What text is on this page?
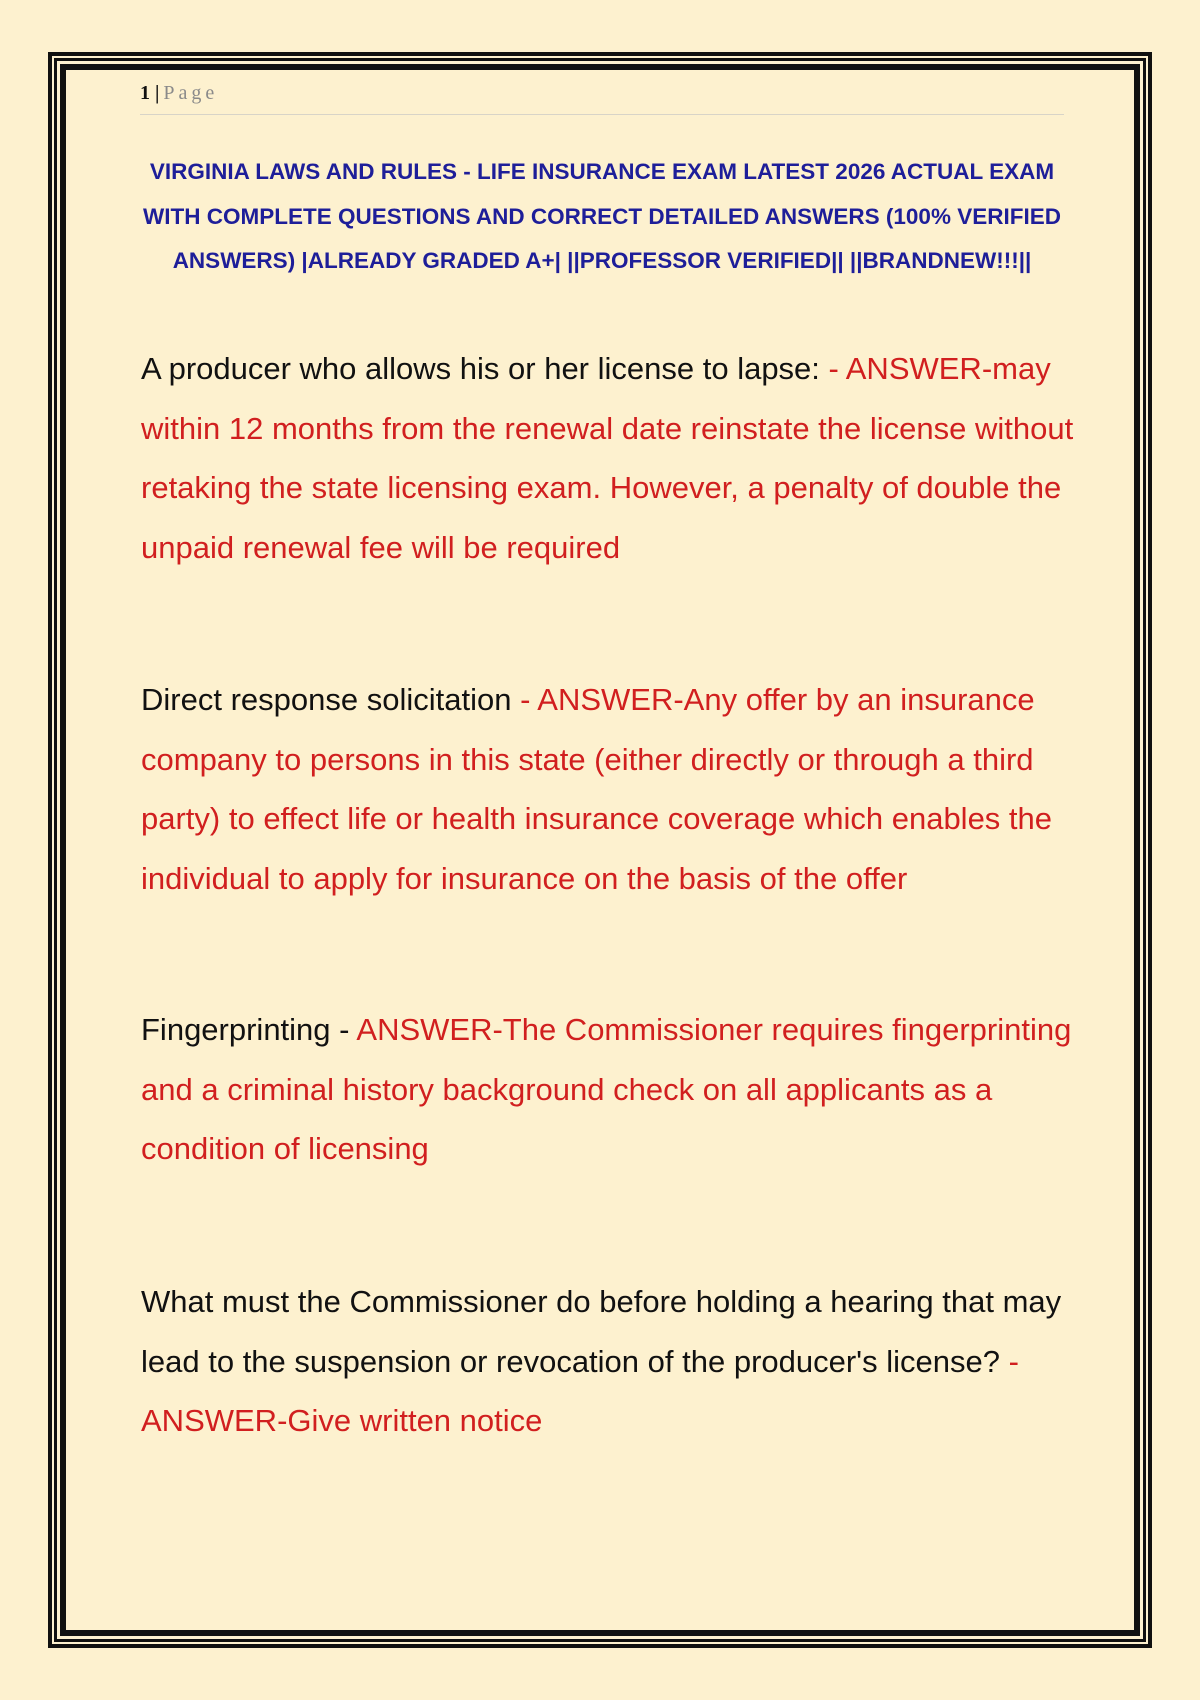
1 | Page
VIRGINIA LAWS AND RULES - LIFE INSURANCE EXAM LATEST 2026 ACTUAL EXAM WITH COMPLETE QUESTIONS AND CORRECT DETAILED ANSWERS (100% VERIFIED ANSWERS) |ALREADY GRADED A+| ||PROFESSOR VERIFIED|| ||BRANDNEW!!!||
A producer who allows his or her license to lapse: - ANSWER-may within 12 months from the renewal date reinstate the license without retaking the state licensing exam. However, a penalty of double the unpaid renewal fee will be required
Direct response solicitation - ANSWER-Any offer by an insurance company to persons in this state (either directly or through a third party) to effect life or health insurance coverage which enables the individual to apply for insurance on the basis of the offer
Fingerprinting - ANSWER-The Commissioner requires fingerprinting and a criminal history background check on all applicants as a condition of licensing
What must the Commissioner do before holding a hearing that may lead to the suspension or revocation of the producer's license? - ANSWER-Give written notice
